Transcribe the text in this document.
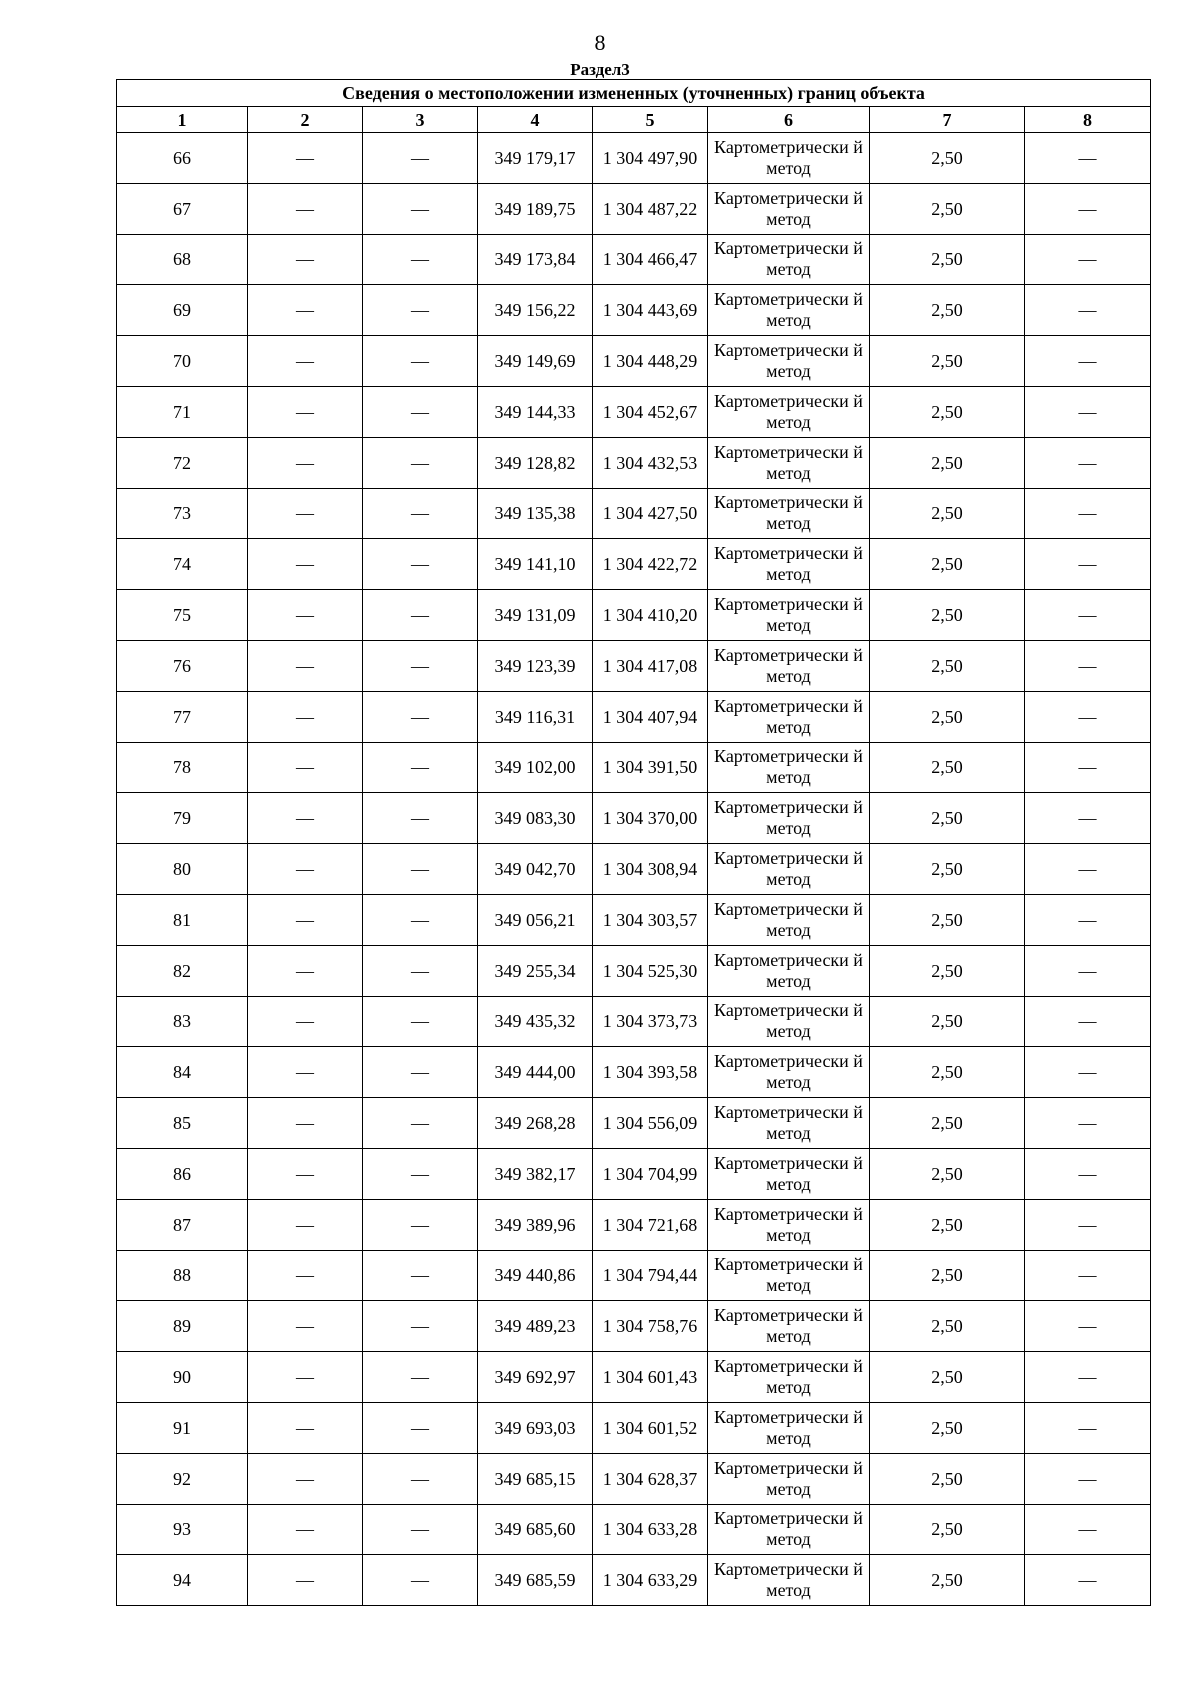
8
Раздел3
Сведения о местоположении измененных (уточненных) границ объекта							
1	2	3	4	5	6	7	8
66	—	—	349 179,17	1 304 497,90	Картометрически й метод	2,50	—
67	—	—	349 189,75	1 304 487,22	Картометрически й метод	2,50	—
68	—	—	349 173,84	1 304 466,47	Картометрически й метод	2,50	—
69	—	—	349 156,22	1 304 443,69	Картометрически й метод	2,50	—
70	—	—	349 149,69	1 304 448,29	Картометрически й метод	2,50	—
71	—	—	349 144,33	1 304 452,67	Картометрически й метод	2,50	—
72	—	—	349 128,82	1 304 432,53	Картометрически й метод	2,50	—
73	—	—	349 135,38	1 304 427,50	Картометрически й метод	2,50	—
74	—	—	349 141,10	1 304 422,72	Картометрически й метод	2,50	—
75	—	—	349 131,09	1 304 410,20	Картометрически й метод	2,50	—
76	—	—	349 123,39	1 304 417,08	Картометрически й метод	2,50	—
77	—	—	349 116,31	1 304 407,94	Картометрически й метод	2,50	—
78	—	—	349 102,00	1 304 391,50	Картометрически й метод	2,50	—
79	—	—	349 083,30	1 304 370,00	Картометрически й метод	2,50	—
80	—	—	349 042,70	1 304 308,94	Картометрически й метод	2,50	—
81	—	—	349 056,21	1 304 303,57	Картометрически й метод	2,50	—
82	—	—	349 255,34	1 304 525,30	Картометрически й метод	2,50	—
83	—	—	349 435,32	1 304 373,73	Картометрически й метод	2,50	—
84	—	—	349 444,00	1 304 393,58	Картометрически й метод	2,50	—
85	—	—	349 268,28	1 304 556,09	Картометрически й метод	2,50	—
86	—	—	349 382,17	1 304 704,99	Картометрически й метод	2,50	—
87	—	—	349 389,96	1 304 721,68	Картометрически й метод	2,50	—
88	—	—	349 440,86	1 304 794,44	Картометрически й метод	2,50	—
89	—	—	349 489,23	1 304 758,76	Картометрически й метод	2,50	—
90	—	—	349 692,97	1 304 601,43	Картометрически й метод	2,50	—
91	—	—	349 693,03	1 304 601,52	Картометрически й метод	2,50	—
92	—	—	349 685,15	1 304 628,37	Картометрически й метод	2,50	—
93	—	—	349 685,60	1 304 633,28	Картометрически й метод	2,50	—
94	—	—	349 685,59	1 304 633,29	Картометрически й метод	2,50	—
